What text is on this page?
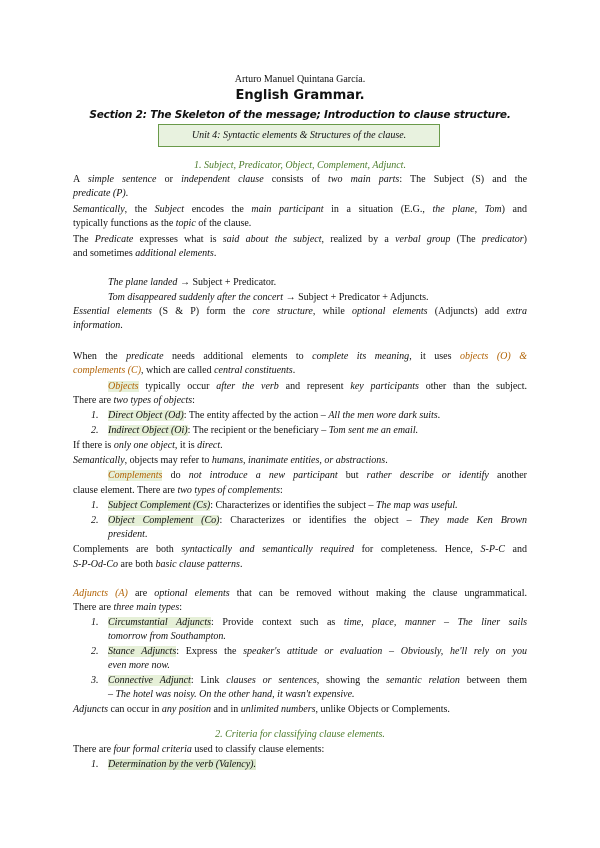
Arturo Manuel Quintana García.
English Grammar.
Section 2: The Skeleton of the message; Introduction to clause structure.
Unit 4: Syntactic elements & Structures of the clause.
1. Subject, Predicator, Object, Complement, Adjunct.
A simple sentence or independent clause consists of two main parts: The Subject (S) and the
predicate (P).
Semantically, the Subject encodes the main participant in a situation (E.G., the plane, Tom) and
typically functions as the topic of the clause.
The Predicate expresses what is said about the subject, realized by a verbal group (The predicator)
and sometimes additional elements.
The plane landed → Subject + Predicator.
Tom disappeared suddenly after the concert → Subject + Predicator + Adjuncts.
Essential elements (S & P) form the core structure, while optional elements (Adjuncts) add extra
information.
When the predicate needs additional elements to complete its meaning, it uses objects (O) &
complements (C), which are called central constituents.
Objects typically occur after the verb and represent key participants other than the subject.
There are two types of objects:
1. Direct Object (Od): The entity affected by the action – All the men wore dark suits.
2. Indirect Object (Oi): The recipient or the beneficiary – Tom sent me an email.
If there is only one object, it is direct.
Semantically, objects may refer to humans, inanimate entities, or abstractions.
Complements do not introduce a new participant but rather describe or identify another
clause element. There are two types of complements:
1. Subject Complement (Cs): Characterizes or identifies the subject – The map was useful.
2. Object Complement (Co): Characterizes or identifies the object – They made Ken Brown
president.
Complements are both syntactically and semantically required for completeness. Hence, S-P-C and
S-P-Od-Co are both basic clause patterns.
Adjuncts (A) are optional elements that can be removed without making the clause ungrammatical.
There are three main types:
1. Circumstantial Adjuncts: Provide context such as time, place, manner – The liner sails
tomorrow from Southampton.
2. Stance Adjuncts: Express the speaker's attitude or evaluation – Obviously, he'll rely on you
even more now.
3. Connective Adjunct: Link clauses or sentences, showing the semantic relation between them
– The hotel was noisy. On the other hand, it wasn't expensive.
Adjuncts can occur in any position and in unlimited numbers, unlike Objects or Complements.
2. Criteria for classifying clause elements.
There are four formal criteria used to classify clause elements:
1. Determination by the verb (Valency).
